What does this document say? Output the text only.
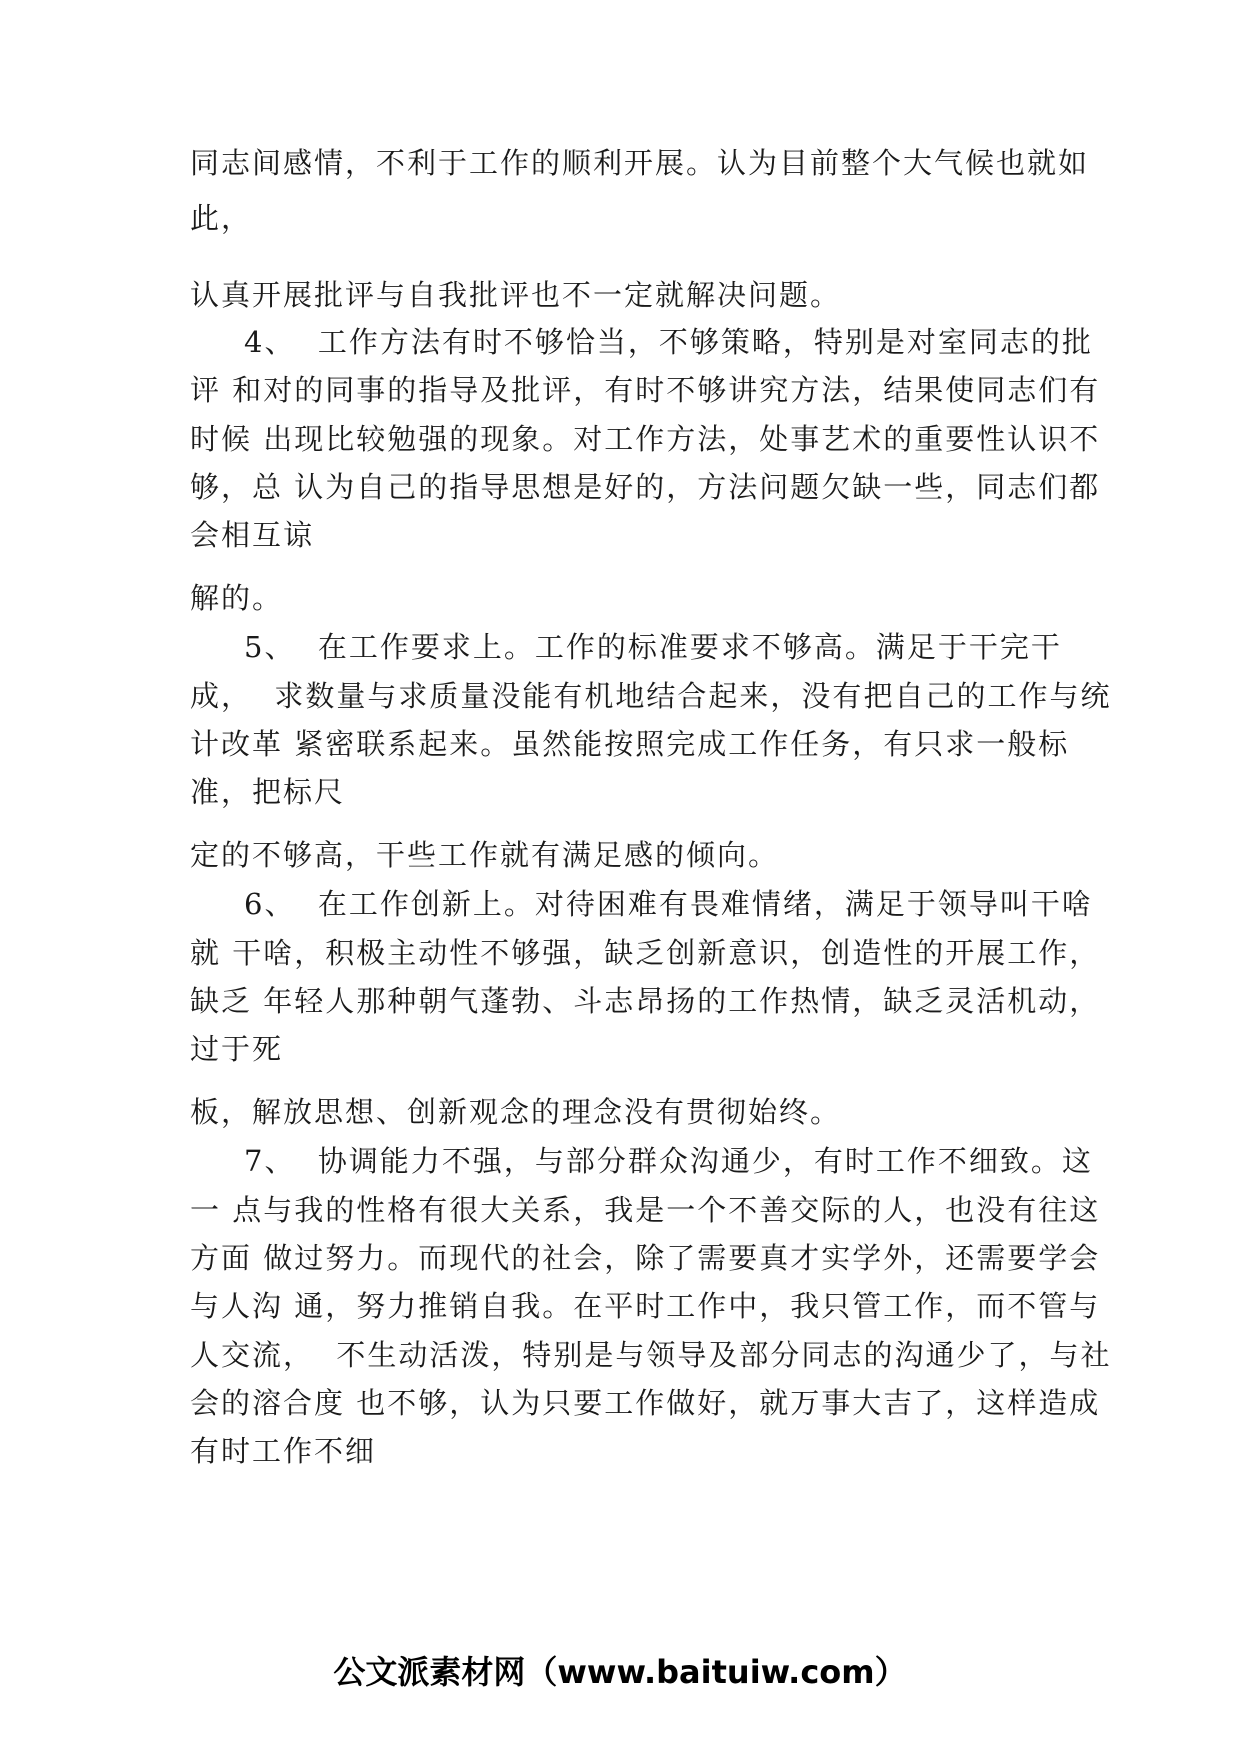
同志间感情，不利于工作的顺利开展。认为目前整个大气候也就如
此，
认真开展批评与自我批评也不一定就解决问题。
4、  工作方法有时不够恰当，不够策略，特别是对室同志的批
评 和对的同事的指导及批评，有时不够讲究方法，结果使同志们有
时候 出现比较勉强的现象。对工作方法，处事艺术的重要性认识不
够，总 认为自己的指导思想是好的，方法问题欠缺一些，同志们都
会相互谅
解的。
5、  在工作要求上。工作的标准要求不够高。满足于干完干
成，  求数量与求质量没能有机地结合起来，没有把自己的工作与统
计改革 紧密联系起来。虽然能按照完成工作任务，有只求一般标
准，把标尺
定的不够高，干些工作就有满足感的倾向。
6、  在工作创新上。对待困难有畏难情绪，满足于领导叫干啥
就 干啥，积极主动性不够强，缺乏创新意识，创造性的开展工作，
缺乏 年轻人那种朝气蓬勃、斗志昂扬的工作热情，缺乏灵活机动，
过于死
板，解放思想、创新观念的理念没有贯彻始终。
7、  协调能力不强，与部分群众沟通少，有时工作不细致。这
一 点与我的性格有很大关系，我是一个不善交际的人，也没有往这
方面 做过努力。而现代的社会，除了需要真才实学外，还需要学会
与人沟 通，努力推销自我。在平时工作中，我只管工作，而不管与
人交流，  不生动活泼，特别是与领导及部分同志的沟通少了，与社
会的溶合度 也不够，认为只要工作做好，就万事大吉了，这样造成
有时工作不细
公文派素材网（www.baituiw.com）
